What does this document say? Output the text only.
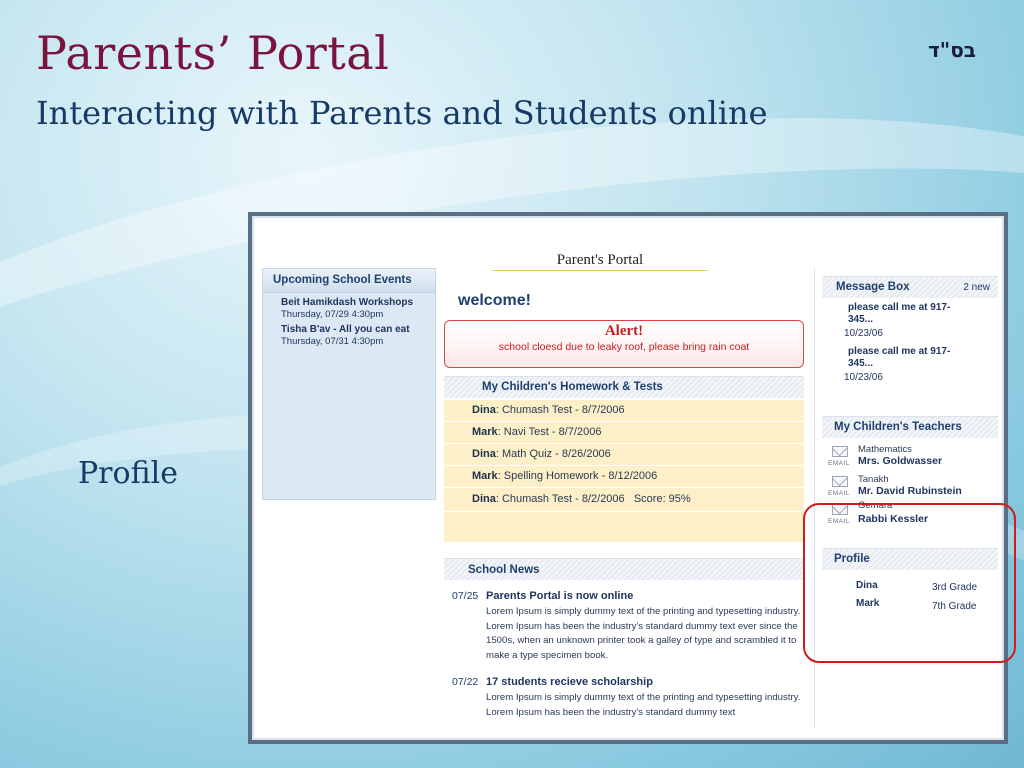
Parents’ Portal
Interacting with Parents and Students online
בס"ד
Profile
Parent's Portal
Upcoming School Events
Beit Hamikdash Workshops
Thursday, 07/29 4:30pm
Tisha B'av - All you can eat
Thursday, 07/31 4:30pm
welcome!
Alert!
school cloesd due to leaky roof, please bring rain coat
My Children's Homework & Tests
Dina: Chumash Test - 8/7/2006
Mark: Navi Test - 8/7/2006
Dina: Math Quiz - 8/26/2006
Mark: Spelling Homework - 8/12/2006
Dina: Chumash Test - 8/2/2006   Score: 95%
School News
07/25 Parents Portal is now online
Lorem Ipsum is simply dummy text of the printing and typesetting industry. Lorem Ipsum has been the industry's standard dummy text ever since the 1500s, when an unknown printer took a galley of type and scrambled it to make a type specimen book.
07/22 17 students recieve scholarship
Lorem Ipsum is simply dummy text of the printing and typesetting industry. Lorem Ipsum has been the industry's standard dummy text
Message Box	2 new
please call me at 917-345...
10/23/06
please call me at 917-345...
10/23/06
My Children's Teachers
EMAIL
Mathematics
Mrs. Goldwasser
EMAIL
Tanakh
Mr. David Rubinstein
EMAIL
Gemara
Rabbi Kessler
Profile
Dina	3rd Grade
Mark	7th Grade
